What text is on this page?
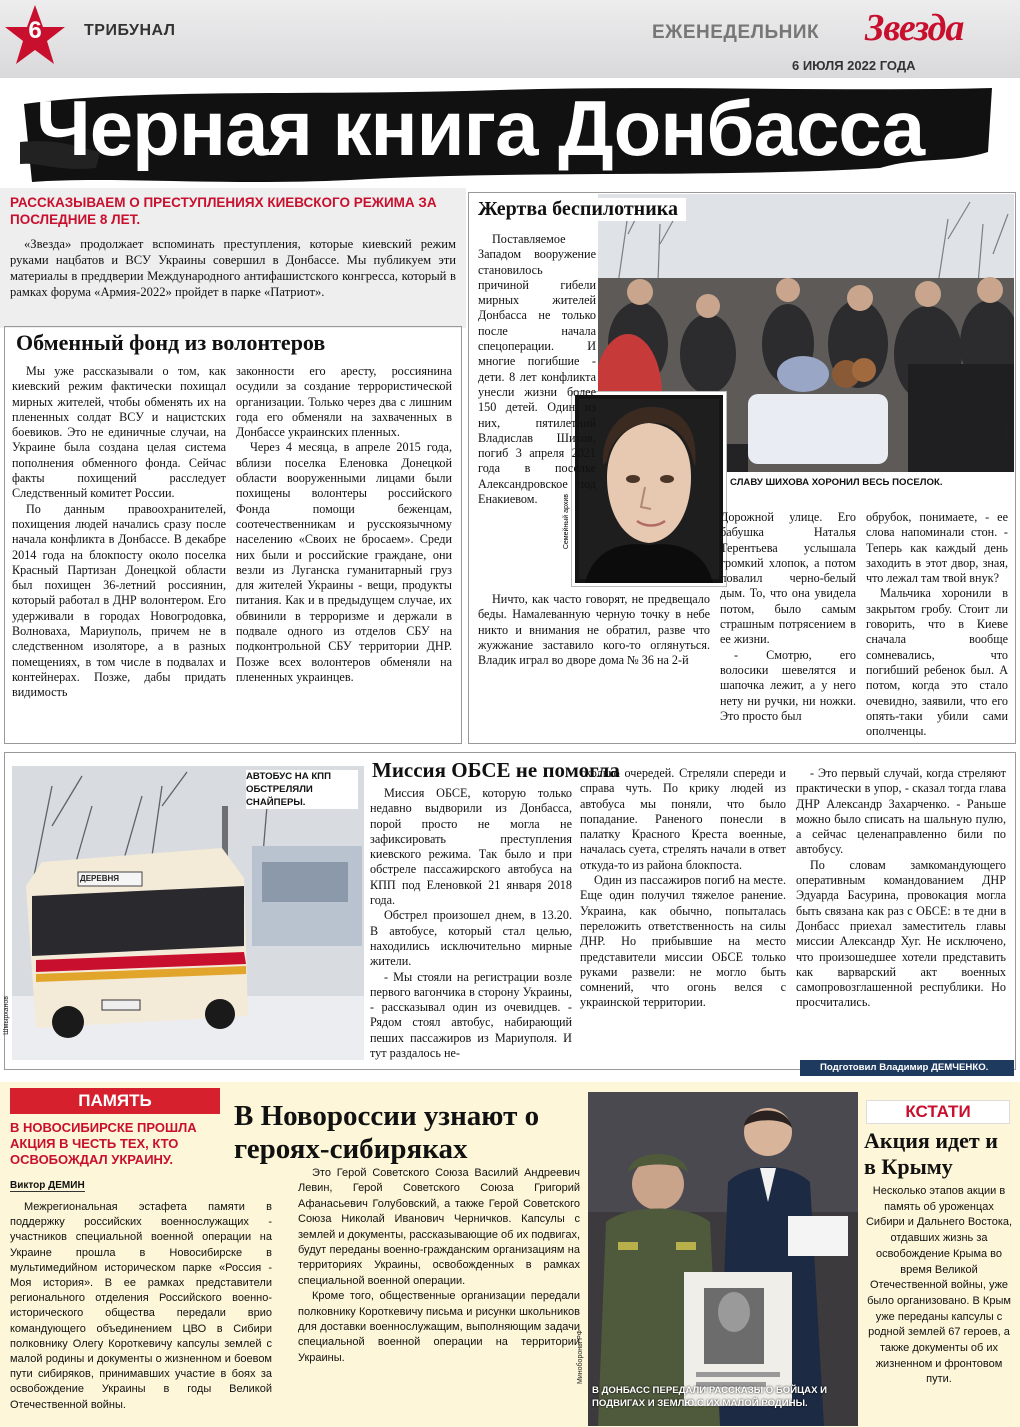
6	ТРИБУНАЛ	ЕЖЕНЕДЕЛЬНИК Звезда
6 ИЮЛЯ 2022 ГОДА
Черная книга Донбасса
РАССКАЗЫВАЕМ О ПРЕСТУПЛЕНИЯХ КИЕВСКОГО РЕЖИМА ЗА ПОСЛЕДНИЕ 8 ЛЕТ.

«Звезда» продолжает вспоминать преступления, которые киевский режим руками нацбатов и ВСУ Украины совершил в Донбассе. Мы публикуем эти материалы в преддверии Международного антифашистского конгресса, который в рамках форума «Армия-2022» пройдет в парке «Патриот».

Обменный фонд из волонтеров

Мы уже рассказывали о том, как киевский режим фактически похищал мирных жителей, чтобы обменять их на плененных солдат ВСУ и нацистских боевиков. Это не единичные случаи, на Украине была создана целая система пополнения обменного фонда. Сейчас факты похищений расследует Следственный комитет России.

По данным правоохранителей, похищения людей начались сразу после начала конфликта в Донбассе. В декабре 2014 года на блокпосту около поселка Красный Партизан Донецкой области был похищен 36-летний россиянин, который работал в ДНР волонтером. Его удерживали в городах Новогродовка, Волноваха, Мариуполь, причем не в следственном изоляторе, а в разных помещениях, в том числе в подвалах и контейнерах. Позже, дабы придать видимость

законности его аресту, россиянина осудили за создание террористической организации. Только через два с лишним года его обменяли на захваченных в Донбассе украинских пленных.

Через 4 месяца, в апреле 2015 года, вблизи поселка Еленовка Донецкой области вооруженными лицами были похищены волонтеры российского Фонда помощи беженцам, соотечественникам и русскоязычному населению «Своих не бросаем». Среди них были и российские граждане, они везли из Луганска гуманитарный груз для жителей Украины - вещи, продукты питания. Как и в предыдущем случае, их обвинили в терроризме и держали в подвале одного из отделов СБУ на подконтрольной СБУ территории ДНР. Позже всех волонтеров обменяли на плененных украинцев.

Жертва беспилотника
Соцсети
СЛАВУ ШИХОВА ХОРОНИЛ ВЕСЬ ПОСЕЛОК.
Семейный архив

Поставляемое Западом вооружение становилось причиной гибели мирных жителей Донбасса не только после начала спецоперации. И многие погибшие - дети. 8 лет конфликта унесли жизни более 150 детей. Один из них, пятилетний Владислав Шихов, погиб 3 апреля 2021 года в поселке Александровское под Енакиевом.

Ничто, как часто говорят, не предвещало беды. Намалеванную черную точку в небе никто и внимания не обратил, разве что жужжание заставило кого-то оглянуться. Владик играл во дворе дома № 36 на 2-й

Дорожной улице. Его бабушка Наталья Терентьева услышала громкий хлопок, а потом повалил черно-белый дым. То, что она увидела потом, было самым страшным потрясением в ее жизни.

- Смотрю, его волосики шевелятся и шапочка лежит, а у него нету ни ручки, ни ножки. Это просто был

обрубок, понимаете, - ее слова напоминали стон. - Теперь как каждый день заходить в этот двор, зная, что лежал там твой внук?

Мальчика хоронили в закрытом гробу. Стоит ли говорить, что в Киеве сначала вообще сомневались, что погибший ребенок был. А потом, когда это стало очевидно, заявили, что его опять-таки убили сами ополченцы.

ДЕРЕВНЯ
Шмырханов
АВТОБУС НА КПП ОБСТРЕЛЯЛИ СНАЙПЕРЫ.
Миссия ОБСЕ не помогла

Миссия ОБСЕ, которую только недавно выдворили из Донбасса, порой просто не могла не зафиксировать преступления киевского режима. Так было и при обстреле пассажирского автобуса на КПП под Еленовкой 21 января 2018 года.

Обстрел произошел днем, в 13.20. В автобусе, который стал целью, находились исключительно мирные жители.

- Мы стояли на регистрации возле первого вагончика в сторону Украины, - рассказывал один из очевидцев. - Рядом стоял автобус, набирающий пеших пассажиров из Мариуполя. И тут раздалось не-

сколько очередей. Стреляли спереди и справа чуть. По крику людей из автобуса мы поняли, что было попадание. Раненого понесли в палатку Красного Креста военные, началась суета, стрелять начали в ответ откуда-то из района блокпоста.

Один из пассажиров погиб на месте. Еще один получил тяжелое ранение. Украина, как обычно, попыталась переложить ответственность на силы ДНР. Но прибывшие на место представители миссии ОБСЕ только руками развели: не могло быть сомнений, что огонь велся с украинской территории.

- Это первый случай, когда стреляют практически в упор, - сказал тогда глава ДНР Александр Захарченко. - Раньше можно было списать на шальную пулю, а сейчас целенаправленно били по автобусу.

По словам замкомандующего оперативным командованием ДНР Эдуарда Басурина, провокация могла быть связана как раз с ОБСЕ: в те дни в Донбасс приехал заместитель главы миссии Александр Хуг. Не исключено, что произошедшее хотели представить как варварский акт военных самопровозглашенной республики. Но просчитались.

Подготовил Владимир ДЕМЧЕНКО.
ПАМЯТЬ
В НОВОСИБИРСКЕ ПРОШЛА АКЦИЯ В ЧЕСТЬ ТЕХ, КТО ОСВОБОЖДАЛ УКРАИНУ.
Виктор ДЕМИН

Межрегиональная эстафета памяти в поддержку российских военнослужащих - участников специальной военной операции на Украине прошла в Новосибирске в мультимедийном историческом парке «Россия - Моя история». В ее рамках представители регионального отделения Российского военно-исторического общества передали врио командующего объединением ЦВО в Сибири полковнику Олегу Короткевичу капсулы землей с малой родины и документы о жизненном и боевом пути сибиряков, принимавших участие в боях за освобождение Украины в годы Великой Отечественной войны.

В Новороссии узнают о героях-сибиряках

Это Герой Советского Союза Василий Андреевич Левин, Герой Советского Союза Григорий Афанасьевич Голубовский, а также Герой Советского Союза Николай Иванович Черничков. Капсулы с землей и документы, рассказывающие об их подвигах, будут переданы военно-гражданским организациям на территориях Украины, освобожденных в рамках специальной военной операции.

Кроме того, общественные организации передали полковнику Короткевичу письма и рисунки школьников для доставки военнослужащим, выполняющим задачи специальной военной операции на территории Украины.	Минобороны РФ
В ДОНБАСС ПЕРЕДАЛИ РАССКАЗЫ О БОЙЦАХ И ПОДВИГАХ И ЗЕМЛЮ С ИХ МАЛОЙ РОДИНЫ.
КСТАТИ
Акция идет и в Крыму

Несколько этапов акции в память об уроженцах Сибири и Дальнего Востока, отдавших жизнь за освобождение Крыма во время Великой Отечественной войны, уже было организовано. В Крым уже переданы капсулы с родной землей 67 героев, а также документы об их жизненном и фронтовом пути.
